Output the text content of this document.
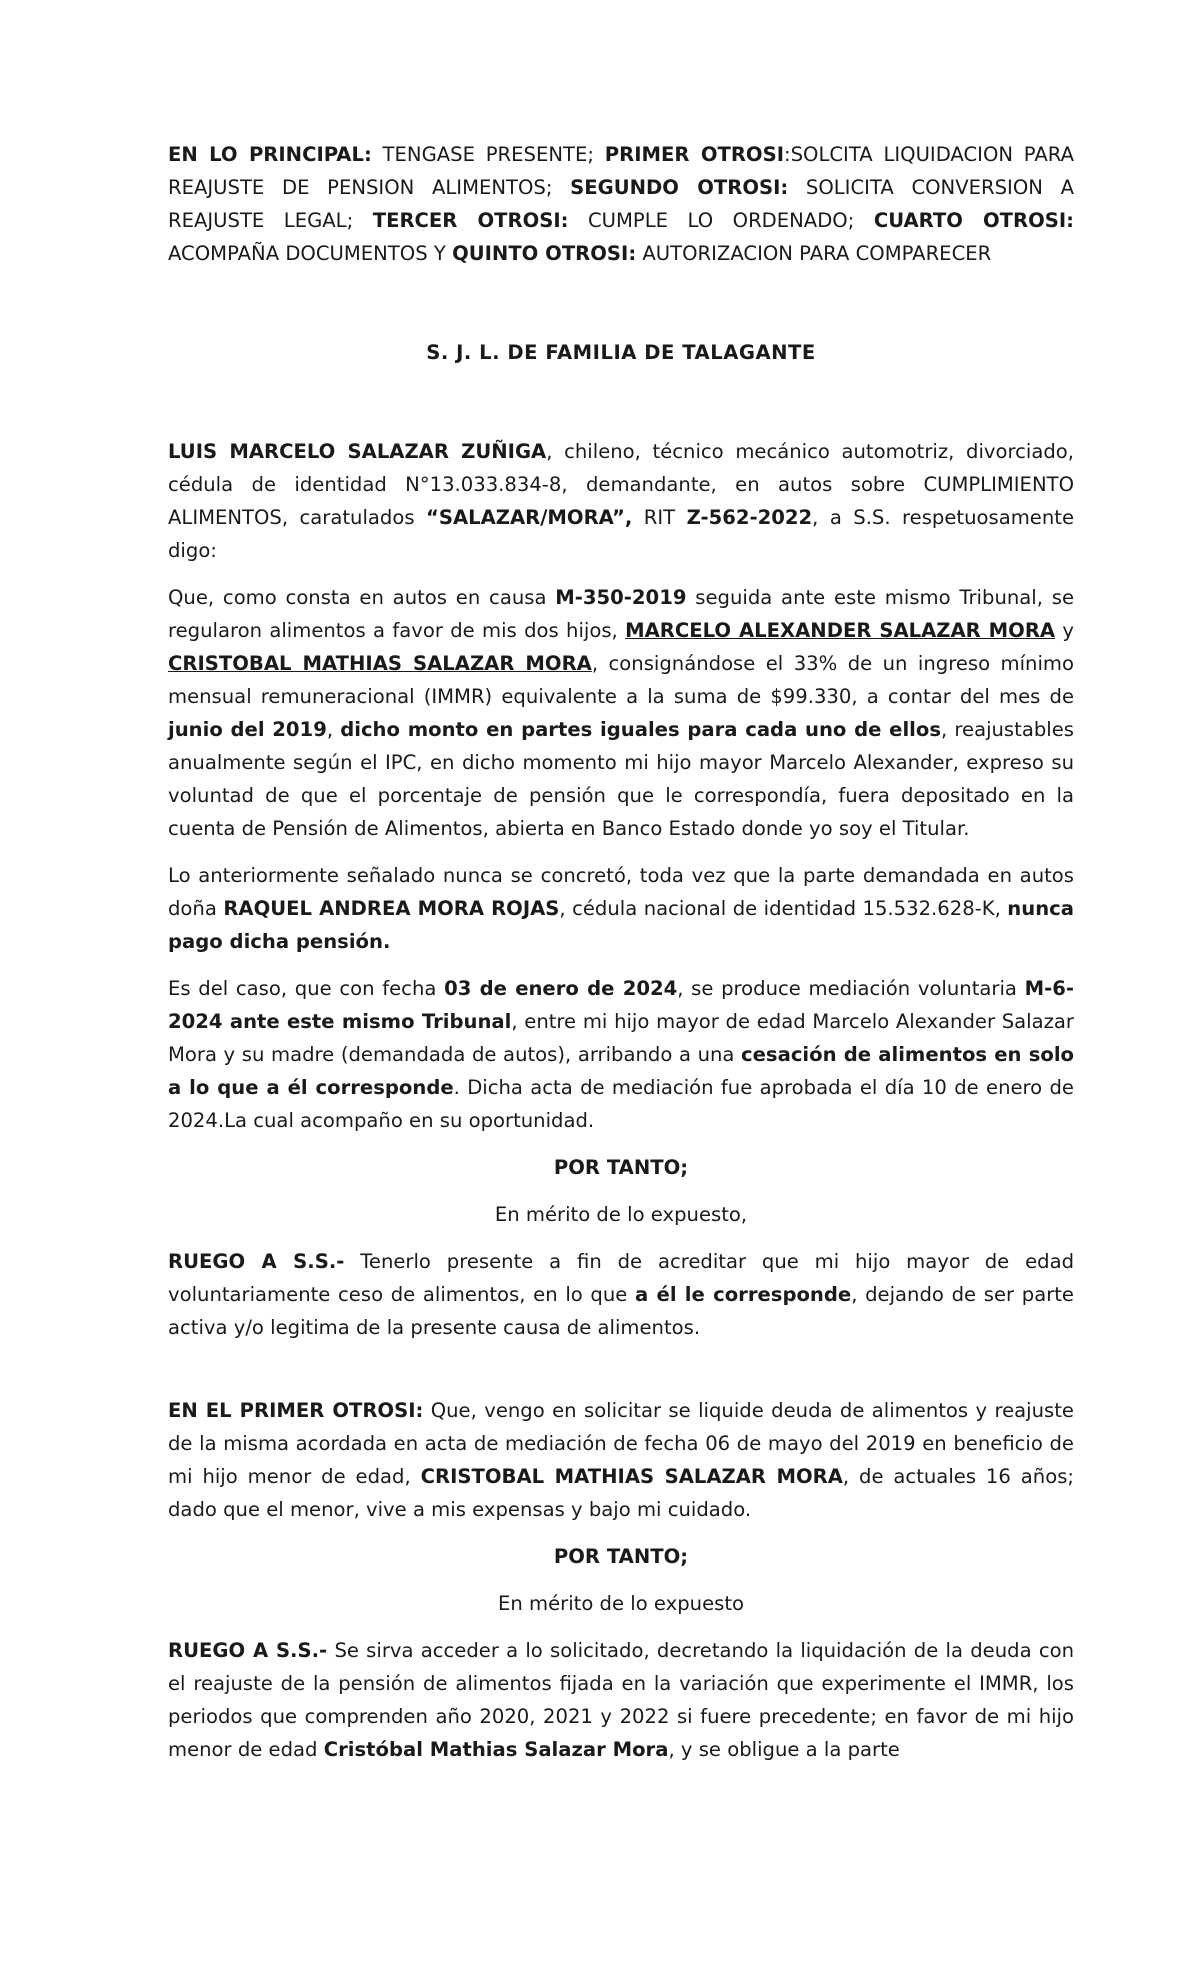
EN LO PRINCIPAL: TENGASE PRESENTE; PRIMER OTROSI:SOLCITA LIQUIDACION PARA REAJUSTE DE PENSION ALIMENTOS; SEGUNDO OTROSI: SOLICITA CONVERSION A REAJUSTE LEGAL; TERCER OTROSI: CUMPLE LO ORDENADO; CUARTO OTROSI: ACOMPAÑA DOCUMENTOS Y QUINTO OTROSI: AUTORIZACION PARA COMPARECER

S. J. L. DE FAMILIA DE TALAGANTE

LUIS MARCELO SALAZAR ZUÑIGA, chileno, técnico mecánico automotriz, divorciado, cédula de identidad N°13.033.834-8, demandante, en autos sobre CUMPLIMIENTO ALIMENTOS, caratulados “SALAZAR/MORA”, RIT Z-562-2022, a S.S. respetuosamente digo:

Que, como consta en autos en causa M-350-2019 seguida ante este mismo Tribunal, se regularon alimentos a favor de mis dos hijos, MARCELO ALEXANDER SALAZAR MORA y CRISTOBAL MATHIAS SALAZAR MORA, consignándose el 33% de un ingreso mínimo mensual remuneracional (IMMR) equivalente a la suma de $99.330, a contar del mes de junio del 2019, dicho monto en partes iguales para cada uno de ellos, reajustables anualmente según el IPC, en dicho momento mi hijo mayor Marcelo Alexander, expreso su voluntad de que el porcentaje de pensión que le correspondía, fuera depositado en la cuenta de Pensión de Alimentos, abierta en Banco Estado donde yo soy el Titular.

Lo anteriormente señalado nunca se concretó, toda vez que la parte demandada en autos doña RAQUEL ANDREA MORA ROJAS, cédula nacional de identidad 15.532.628-K, nunca pago dicha pensión.

Es del caso, que con fecha 03 de enero de 2024, se produce mediación voluntaria M-6-2024 ante este mismo Tribunal, entre mi hijo mayor de edad Marcelo Alexander Salazar Mora y su madre (demandada de autos), arribando a una cesación de alimentos en solo a lo que a él corresponde. Dicha acta de mediación fue aprobada el día 10 de enero de 2024.La cual acompaño en su oportunidad.

POR TANTO;

En mérito de lo expuesto,

RUEGO A S.S.- Tenerlo presente a fin de acreditar que mi hijo mayor de edad voluntariamente ceso de alimentos, en lo que a él le corresponde, dejando de ser parte activa y/o legitima de la presente causa de alimentos.

EN EL PRIMER OTROSI: Que, vengo en solicitar se liquide deuda de alimentos y reajuste de la misma acordada en acta de mediación de fecha 06 de mayo del 2019 en beneficio de mi hijo menor de edad, CRISTOBAL MATHIAS SALAZAR MORA, de actuales 16 años; dado que el menor, vive a mis expensas y bajo mi cuidado.

POR TANTO;

En mérito de lo expuesto

RUEGO A S.S.- Se sirva acceder a lo solicitado, decretando la liquidación de la deuda con el reajuste de la pensión de alimentos fijada en la variación que experimente el IMMR, los periodos que comprenden año 2020, 2021 y 2022 si fuere precedente; en favor de mi hijo menor de edad Cristóbal Mathias Salazar Mora, y se obligue a la parte
